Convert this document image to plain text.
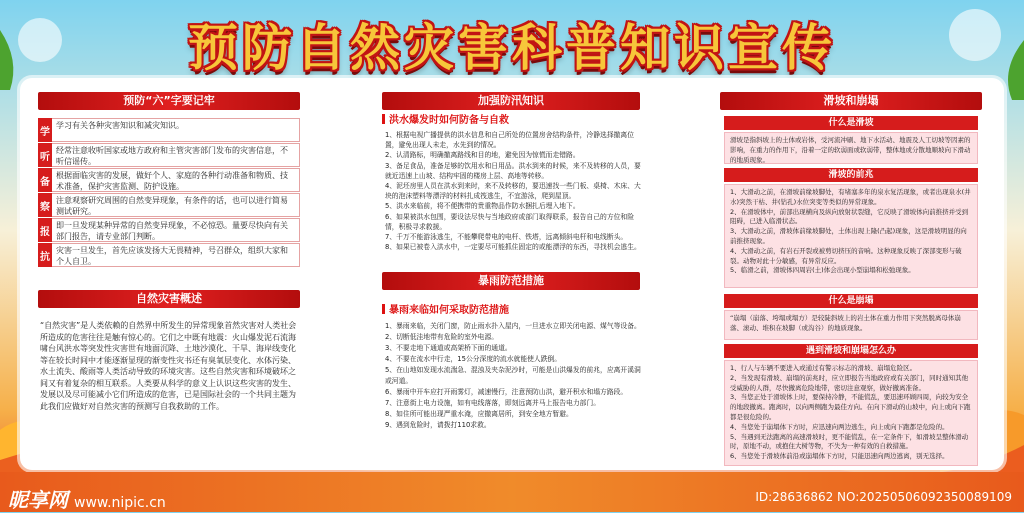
预防自然灾害科普知识宣传
预防“六”字要记牢
学
学习有关各种灾害知识和减灾知识。
听
经常注意收听国家或地方政府和主管灾害部门发布的灾害信息，不听信谣传。
备
根据面临灾害的发展，做好个人、家庭的各种行动准备和物质、技术准备，保护灾害监测、防护设施。
察
注意观察研究周围的自然变异现象，有条件的话，也可以进行简易测试研究。
报
即一旦发现某种异常的自然变异现象，不必惊恐。量要尽快向有关部门报告，请专业部门判断。
抗
灾害一旦发生，首先应该发扬大无畏精神，号召群众，组织大家和个人自卫。
自然灾害概述

“自然灾害”是人类依赖的自然界中所发生的异常现象首然灾害对人类社会所造成的危害往往是触有惊心的。它们之中既有地震：火山爆发泥石流海啸台风洪水等突发性灾害世有地面沉降、土地沙漠化、干旱、海岸线变化等在较长时间中才能逐渐显现的渐变性灾书还有臭氧层变化、水体污染、水土流失、酸雨等人类活动导致的环境灾害。这些自然灾害和环境破坏之间又有着复杂的相互联系。人类要从科学的意义上认识这些灾害的发生、发展以及尽可能减小它们所造成的危害，已是国际社会的一个共同主题为此我们应做好对自然灾害的预测写自我救助的工作。

加强防汛知识
洪水爆发时如何防备与自救

1、根据电视广播提供的洪水信息和自己所处的位置房舍结构条件，冷静选择撤离位置，避免出现人未走，水先到的情况。

2、认清路标，明确撤离路线和目的地，避免因为惊慌而走错路。

3、备足食品，准备足够的饮用水和日用品。洪水到来的时候，来不及转移的人员，要就近迅速上山坡、结构牢固的楼房上层、高地等转移。

4、泥坯房里人员在洪水到来时，来不及转移的，要迅速找一些门板、桌椅、木床、大块的泡沫塑料等漂浮的材料扎成筏逃生，不宜游泳，爬到屋顶。

5、洪水来临前，将不便携带的贵重物品作防水捆扎后埋入地下。

6、如果被洪水包围，要设法尽快与当地政府或部门取得联系，报告自己的方位和险情，积极寻求救援。

7、千万不能游泳逃生，不能攀爬带电的电杆、铁塔，远离倾斜电杆和电线断头。

8、如果已被卷入洪水中，一定要尽可能抓住固定的或能漂浮的东西，寻找机会逃生。

暴雨防范措施
暴雨来临如何采取防范措施

1、暴雨来临，关闭门窗，防止雨水扑入屋内，一旦进水立即关闭电源、煤气等设备。

2、切断低洼地带有危险的室外电源。

3、不要走地下通道或高架桥下面的通道。

4、不要在流水中行走，15公分深度的流水就能使人跌倒。

5、在山地如发现水流湍急、混浊及夹杂泥沙时，可能是山洪爆发的前兆，应离开溪洞或河道。

6、暴雨中开车应打开雨雾灯，减速慢行，注意预防山洪，避开积水和塌方路段。

7、注意街上电力设施，如有电线落落，即刻远离并马上报告电力部门。

8、如住所可能出现严重水淹，应撤离居所，到安全地方暂避。

9、遇到危险时，请拨打110求救。

滑坡和崩塌
什么是滑坡

滑坡是指斜坡上的土体或岩体，受河流冲刷、地下水活动、地震及人工切坡等因素的影响，在重力的作用下，沿着一定的软弱面或软弱带，整体地或分散地顺坡向下滑动的地质现象。

滑坡的前兆

1、大滑动之前，在滑坡前缘坡脚处，有堵塞多年的泉水复活现象，或者出现泉水(井水)突然干枯、井(钻孔)水位突变等类似的异常现象。

2、在滑坡体中，前部出现横向及纵向放射状裂缝，它反映了滑坡体向前推挤并受到阻碍，已进入临滑状态。

3、大滑动之前，滑坡体前缘坡脚处，土体出现上隆(凸起)现象，这是滑坡明显的向前推挤现象。

4、大滑动之前，有岩石开裂或被剪切挤压的音响。这种现象反映了深部变形与破裂。动物对此十分敏感，有异常反应。

5、临滑之前，滑坡体四周岩(土)体会出现小型崩塌和松弛现象。

什么是崩塌

“崩塌（崩落、垮塌或塌方）是较陡斜坡上的岩土体在重力作用下突然脱离母体崩落、滚动、堆积在坡脚（或沟谷）的地质现象。

遇到滑坡和崩塌怎么办

1、行人与车辆不要进入或通过有警示标志的滑坡、崩塌危险区。

2、当发现有滑坡、崩塌的前兆时，应立即报告当地政府或有关部门，同时通知其他受威胁的人群，尽快撤离危险地带，密切注意观察，做好撤离准备。

3、当您正处于滑坡体上时，要保持冷静，不能慌乱，要迅速环顾四周，向较为安全的地段撤离。跑离时，以向两侧跑为最佳方向。在向下滑动的山坡中，向上或向下跑都是很危险的。

4、当您处于崩塌体下方时，应迅速向两边逃生，向上或向下跑都是危险的。

5、当遇到无法跑离的高速滑坡时，更不能慌乱，在一定条件下，如滑坡呈整体滑动时，原地不动，或抱住大树等物，不失为一种有效的自救措施。

6、当您处于滑坡体前沿或崩塌体下方时，只能迅速向两边逃离，别无选择。

昵享网 www.nipic.cn	ID:28636862 NO:20250506092350089109
